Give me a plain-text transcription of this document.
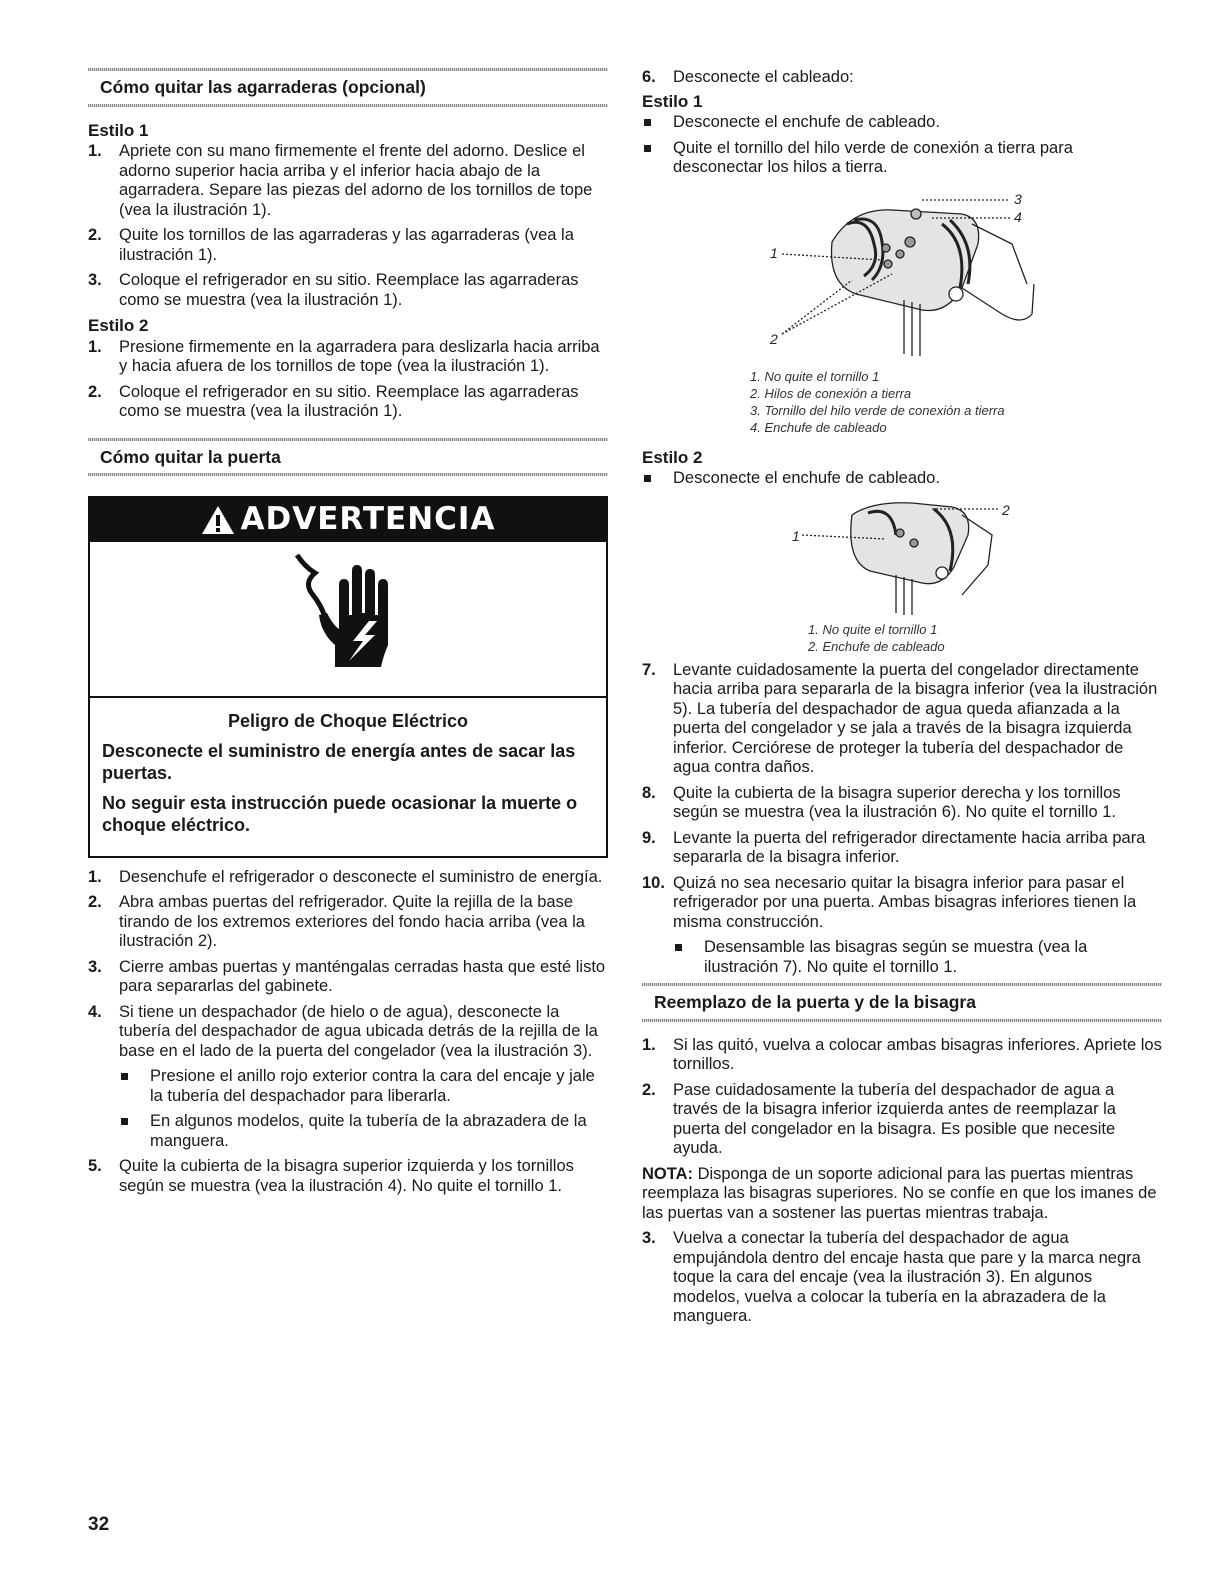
Cómo quitar las agarraderas (opcional)
Estilo 1
1. Apriete con su mano firmemente el frente del adorno. Deslice el adorno superior hacia arriba y el inferior hacia abajo de la agarradera. Separe las piezas del adorno de los tornillos de tope (vea la ilustración 1).
2. Quite los tornillos de las agarraderas y las agarraderas (vea la ilustración 1).
3. Coloque el refrigerador en su sitio. Reemplace las agarraderas como se muestra (vea la ilustración 1).
Estilo 2
1. Presione firmemente en la agarradera para deslizarla hacia arriba y hacia afuera de los tornillos de tope (vea la ilustración 1).
2. Coloque el refrigerador en su sitio. Reemplace las agarraderas como se muestra (vea la ilustración 1).
Cómo quitar la puerta
ADVERTENCIA
Peligro de Choque Eléctrico
Desconecte el suministro de energía antes de sacar las puertas.
No seguir esta instrucción puede ocasionar la muerte o choque eléctrico.
1. Desenchufe el refrigerador o desconecte el suministro de energía.
2. Abra ambas puertas del refrigerador. Quite la rejilla de la base tirando de los extremos exteriores del fondo hacia arriba (vea la ilustración 2).
3. Cierre ambas puertas y manténgalas cerradas hasta que esté listo para separarlas del gabinete.
4. Si tiene un despachador (de hielo o de agua), desconecte la tubería del despachador de agua ubicada detrás de la rejilla de la base en el lado de la puerta del congelador (vea la ilustración 3).
Presione el anillo rojo exterior contra la cara del encaje y jale la tubería del despachador para liberarla.
En algunos modelos, quite la tubería de la abrazadera de la manguera.
5. Quite la cubierta de la bisagra superior izquierda y los tornillos según se muestra (vea la ilustración 4). No quite el tornillo 1.
6. Desconecte el cableado:
Estilo 1
Desconecte el enchufe de cableado.
Quite el tornillo del hilo verde de conexión a tierra para desconectar los hilos a tierra.
1
2
3
4
1. No quite el tornillo 1
2. Hilos de conexión a tierra
3. Tornillo del hilo verde de conexión a tierra
4. Enchufe de cableado
Estilo 2
Desconecte el enchufe de cableado.
1
2
1. No quite el tornillo 1
2. Enchufe de cableado
7. Levante cuidadosamente la puerta del congelador directamente hacia arriba para separarla de la bisagra inferior (vea la ilustración 5). La tubería del despachador de agua queda afianzada a la puerta del congelador y se jala a través de la bisagra izquierda inferior. Cerciórese de proteger la tubería del despachador de agua contra daños.
8. Quite la cubierta de la bisagra superior derecha y los tornillos según se muestra (vea la ilustración 6). No quite el tornillo 1.
9. Levante la puerta del refrigerador directamente hacia arriba para separarla de la bisagra inferior.
10. Quizá no sea necesario quitar la bisagra inferior para pasar el refrigerador por una puerta. Ambas bisagras inferiores tienen la misma construcción.
Desensamble las bisagras según se muestra (vea la ilustración 7). No quite el tornillo 1.
Reemplazo de la puerta y de la bisagra
1. Si las quitó, vuelva a colocar ambas bisagras inferiores. Apriete los tornillos.
2. Pase cuidadosamente la tubería del despachador de agua a través de la bisagra inferior izquierda antes de reemplazar la puerta del congelador en la bisagra. Es posible que necesite ayuda.

NOTA: Disponga de un soporte adicional para las puertas mientras reemplaza las bisagras superiores. No se confíe en que los imanes de las puertas van a sostener las puertas mientras trabaja.

3. Vuelva a conectar la tubería del despachador de agua empujándola dentro del encaje hasta que pare y la marca negra toque la cara del encaje (vea la ilustración 3). En algunos modelos, vuelva a colocar la tubería en la abrazadera de la manguera.
32
